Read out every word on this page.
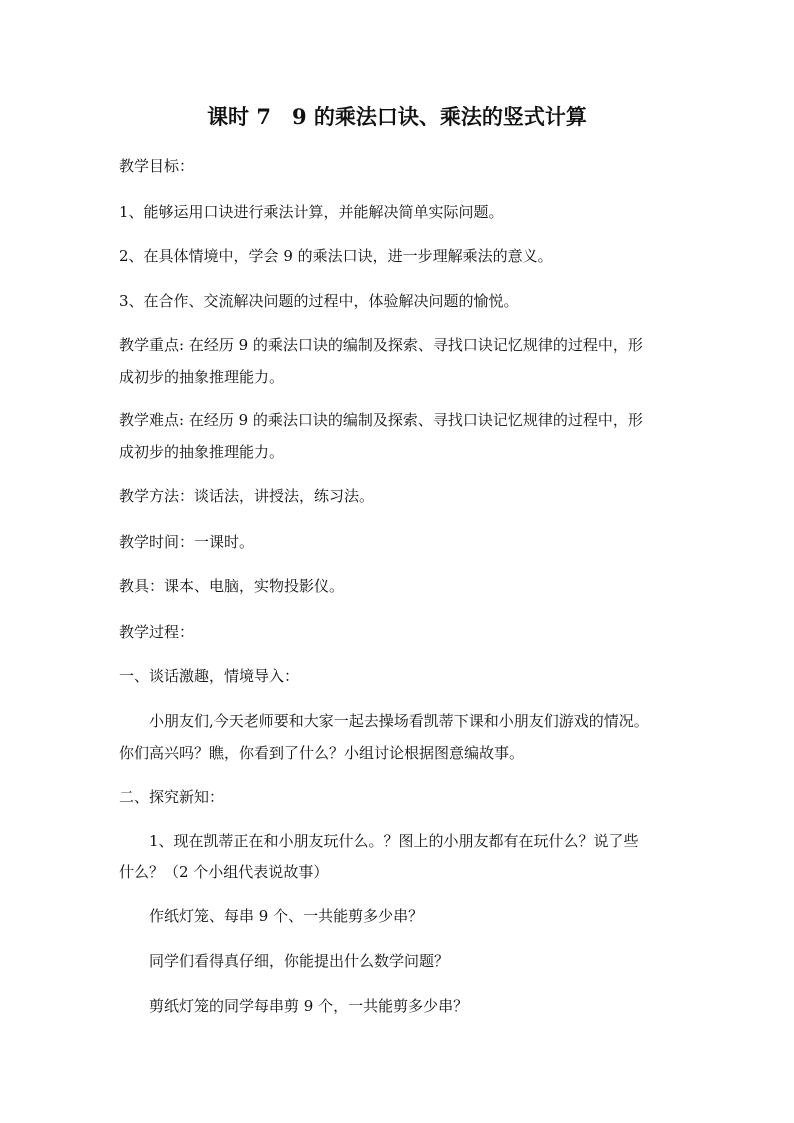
课时 7　9 的乘法口诀、乘法的竖式计算
教学目标：
1、能够运用口诀进行乘法计算，并能解决简单实际问题。
2、在具体情境中，学会 9 的乘法口诀，进一步理解乘法的意义。
3、在合作、交流解决问题的过程中，体验解决问题的愉悦。
教学重点: 在经历 9 的乘法口诀的编制及探索、寻找口诀记忆规律的过程中，形
成初步的抽象推理能力。
教学难点: 在经历 9 的乘法口诀的编制及探索、寻找口诀记忆规律的过程中，形
成初步的抽象推理能力。
教学方法：谈话法，讲授法，练习法。
教学时间：一课时。
教具：课本、电脑，实物投影仪。
教学过程：
一、谈话激趣，情境导入：
小朋友们,今天老师要和大家一起去操场看凯蒂下课和小朋友们游戏的情况。
你们高兴吗？瞧，你看到了什么？小组讨论根据图意编故事。
二、探究新知：
1、现在凯蒂正在和小朋友玩什么。？图上的小朋友都有在玩什么？说了些
什么？（2 个小组代表说故事）
作纸灯笼、每串 9 个、一共能剪多少串？
同学们看得真仔细，你能提出什么数学问题？
剪纸灯笼的同学每串剪 9 个，一共能剪多少串？
